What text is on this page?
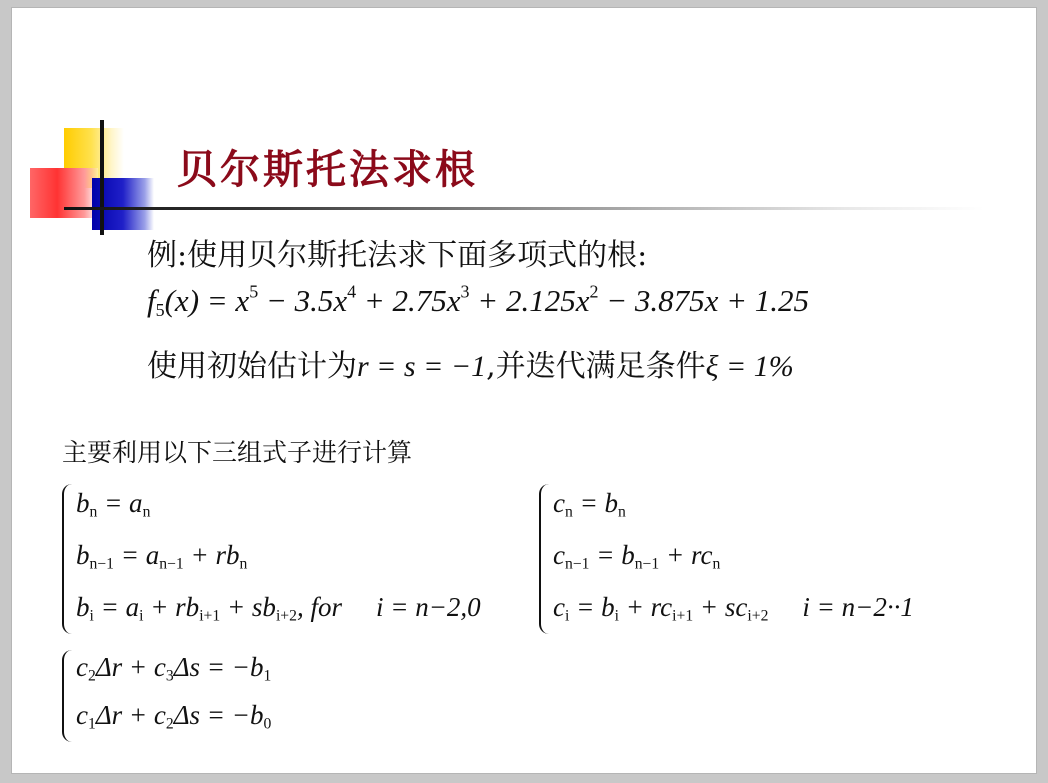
贝尔斯托法求根
例:使用贝尔斯托法求下面多项式的根:
$f_5(x) = x^5 - 3.5x^4 + 2.75x^3 + 2.125x^2 - 3.875x + 1.25$
使用初始估计为r = s = −1,并迭代满足条件ξ = 1%
主要利用以下三组式子进行计算
$b_n = a_n$
$b_{n-1} = a_{n-1} + rb_n$
$b_i = a_i + rb_{i+1} + sb_{i+2}$, for i = n−2,0
$c_n = b_n$
$c_{n-1} = b_{n-1} + rc_n$
$c_i = b_i + rc_{i+1} + sc_{i+2}$ i = n−2··1
$c_2\Delta r + c_3\Delta s = -b_1$
$c_1\Delta r + c_2\Delta s = -b_0$
